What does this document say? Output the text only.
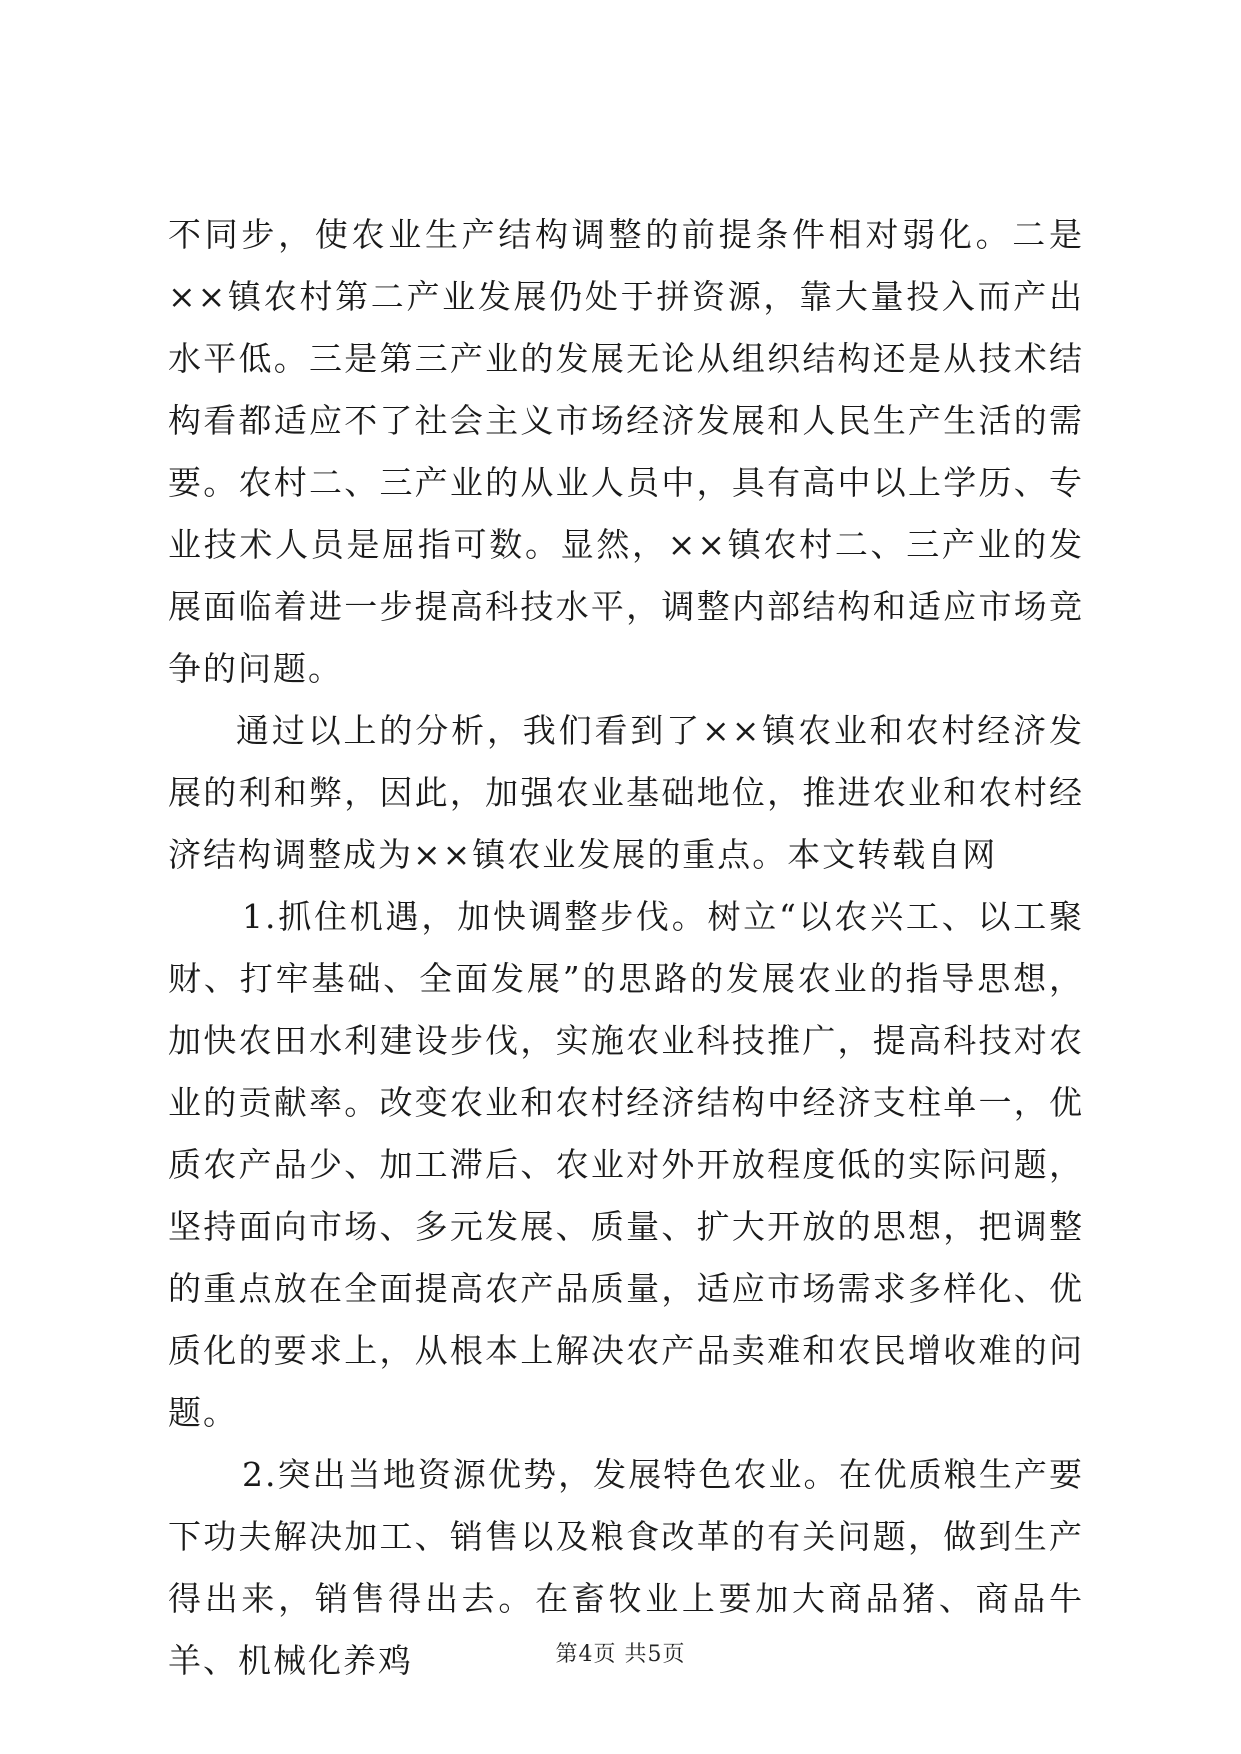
不同步，使农业生产结构调整的前提条件相对弱化。二是××镇农村第二产业发展仍处于拼资源，靠大量投入而产出水平低。三是第三产业的发展无论从组织结构还是从技术结构看都适应不了社会主义市场经济发展和人民生产生活的需要。农村二、三产业的从业人员中，具有高中以上学历、专业技术人员是屈指可数。显然，××镇农村二、三产业的发展面临着进一步提高科技水平，调整内部结构和适应市场竞争的问题。

通过以上的分析，我们看到了××镇农业和农村经济发展的利和弊，因此，加强农业基础地位，推进农业和农村经济结构调整成为××镇农业发展的重点。本文转载自网

1.抓住机遇，加快调整步伐。树立“以农兴工、以工聚财、打牢基础、全面发展”的思路的发展农业的指导思想，加快农田水利建设步伐，实施农业科技推广，提高科技对农业的贡献率。改变农业和农村经济结构中经济支柱单一，优质农产品少、加工滞后、农业对外开放程度低的实际问题，坚持面向市场、多元发展、质量、扩大开放的思想，把调整的重点放在全面提高农产品质量，适应市场需求多样化、优质化的要求上，从根本上解决农产品卖难和农民增收难的问题。

2.突出当地资源优势，发展特色农业。在优质粮生产要下功夫解决加工、销售以及粮食改革的有关问题，做到生产得出来，销售得出去。在畜牧业上要加大商品猪、商品牛羊、机械化养鸡	第4页 共5页
